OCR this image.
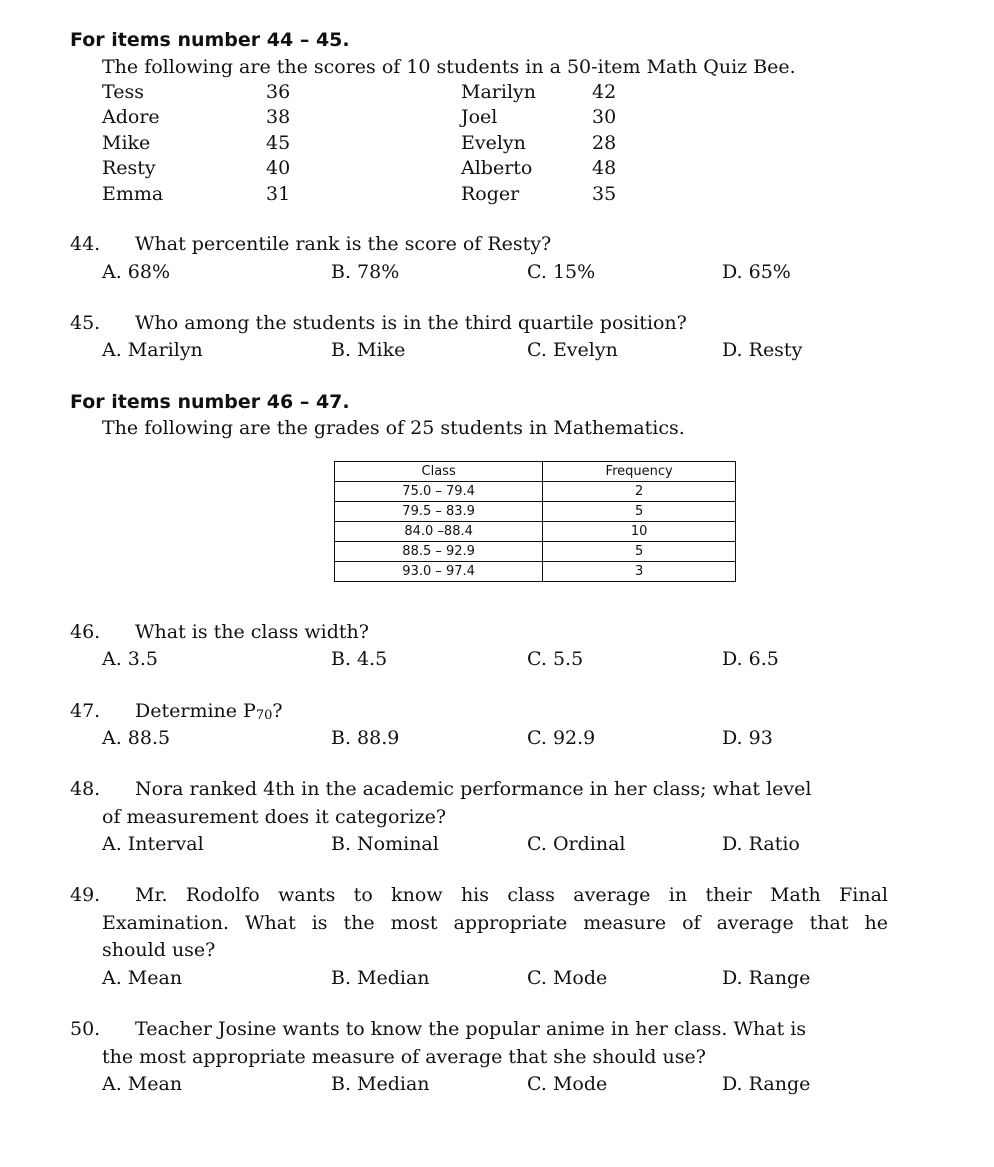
For items number 44 – 45.
The following are the scores of 10 students in a 50-item Math Quiz Bee.
Tess	36	Marilyn	42
Adore	38	Joel	30
Mike	45	Evelyn	28
Resty	40	Alberto	48
Emma	31	Roger	35
44. What percentile rank is the score of Resty?
A. 68%	B. 78%	C. 15%	D. 65%
45. Who among the students is in the third quartile position?
A. Marilyn	B. Mike	C. Evelyn	D. Resty
For items number 46 – 47.
The following are the grades of 25 students in Mathematics.
Class	Frequency
75.0 – 79.4	2
79.5 – 83.9	5
84.0 –88.4	10
88.5 – 92.9	5
93.0 – 97.4	3
46. What is the class width?
A. 3.5	B. 4.5	C. 5.5	D. 6.5
47. Determine $P_{70}$?
A. 88.5	B. 88.9	C. 92.9	D. 93
48. Nora ranked 4th in the academic performance in her class; what level
of measurement does it categorize?
A. Interval	B. Nominal	C. Ordinal	D. Ratio
49. Mr. Rodolfo wants to know his class average in their Math Final
Examination. What is the most appropriate measure of average that he
should use?
A. Mean	B. Median	C. Mode	D. Range
50. Teacher Josine wants to know the popular anime in her class. What is
the most appropriate measure of average that she should use?
A. Mean	B. Median	C. Mode	D. Range
